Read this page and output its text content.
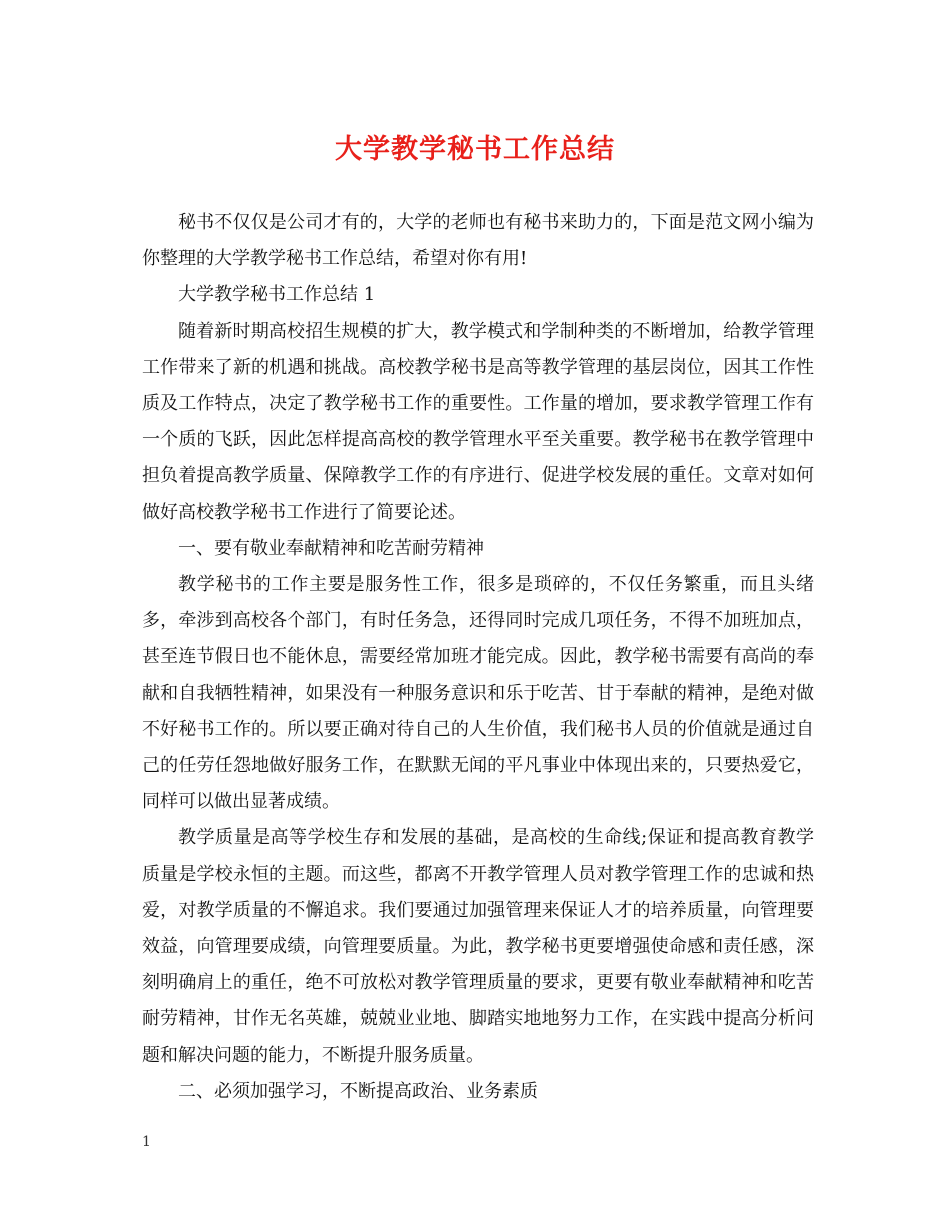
大学教学秘书工作总结

秘书不仅仅是公司才有的，大学的老师也有秘书来助力的，下面是范文网小编为你整理的大学教学秘书工作总结，希望对你有用!

大学教学秘书工作总结 1

随着新时期高校招生规模的扩大，教学模式和学制种类的不断增加，给教学管理工作带来了新的机遇和挑战。高校教学秘书是高等教学管理的基层岗位，因其工作性质及工作特点，决定了教学秘书工作的重要性。工作量的增加，要求教学管理工作有一个质的飞跃，因此怎样提高高校的教学管理水平至关重要。教学秘书在教学管理中担负着提高教学质量、保障教学工作的有序进行、促进学校发展的重任。文章对如何做好高校教学秘书工作进行了简要论述。

一、要有敬业奉献精神和吃苦耐劳精神

教学秘书的工作主要是服务性工作，很多是琐碎的，不仅任务繁重，而且头绪多，牵涉到高校各个部门，有时任务急，还得同时完成几项任务，不得不加班加点，甚至连节假日也不能休息，需要经常加班才能完成。因此，教学秘书需要有高尚的奉献和自我牺牲精神，如果没有一种服务意识和乐于吃苦、甘于奉献的精神，是绝对做不好秘书工作的。所以要正确对待自己的人生价值，我们秘书人员的价值就是通过自己的任劳任怨地做好服务工作，在默默无闻的平凡事业中体现出来的，只要热爱它，同样可以做出显著成绩。

教学质量是高等学校生存和发展的基础，是高校的生命线;保证和提高教育教学质量是学校永恒的主题。而这些，都离不开教学管理人员对教学管理工作的忠诚和热爱，对教学质量的不懈追求。我们要通过加强管理来保证人才的培养质量，向管理要效益，向管理要成绩，向管理要质量。为此，教学秘书更要增强使命感和责任感，深刻明确肩上的重任，绝不可放松对教学管理质量的要求，更要有敬业奉献精神和吃苦耐劳精神，甘作无名英雄，兢兢业业地、脚踏实地地努力工作，在实践中提高分析问题和解决问题的能力，不断提升服务质量。

二、必须加强学习，不断提高政治、业务素质

1
